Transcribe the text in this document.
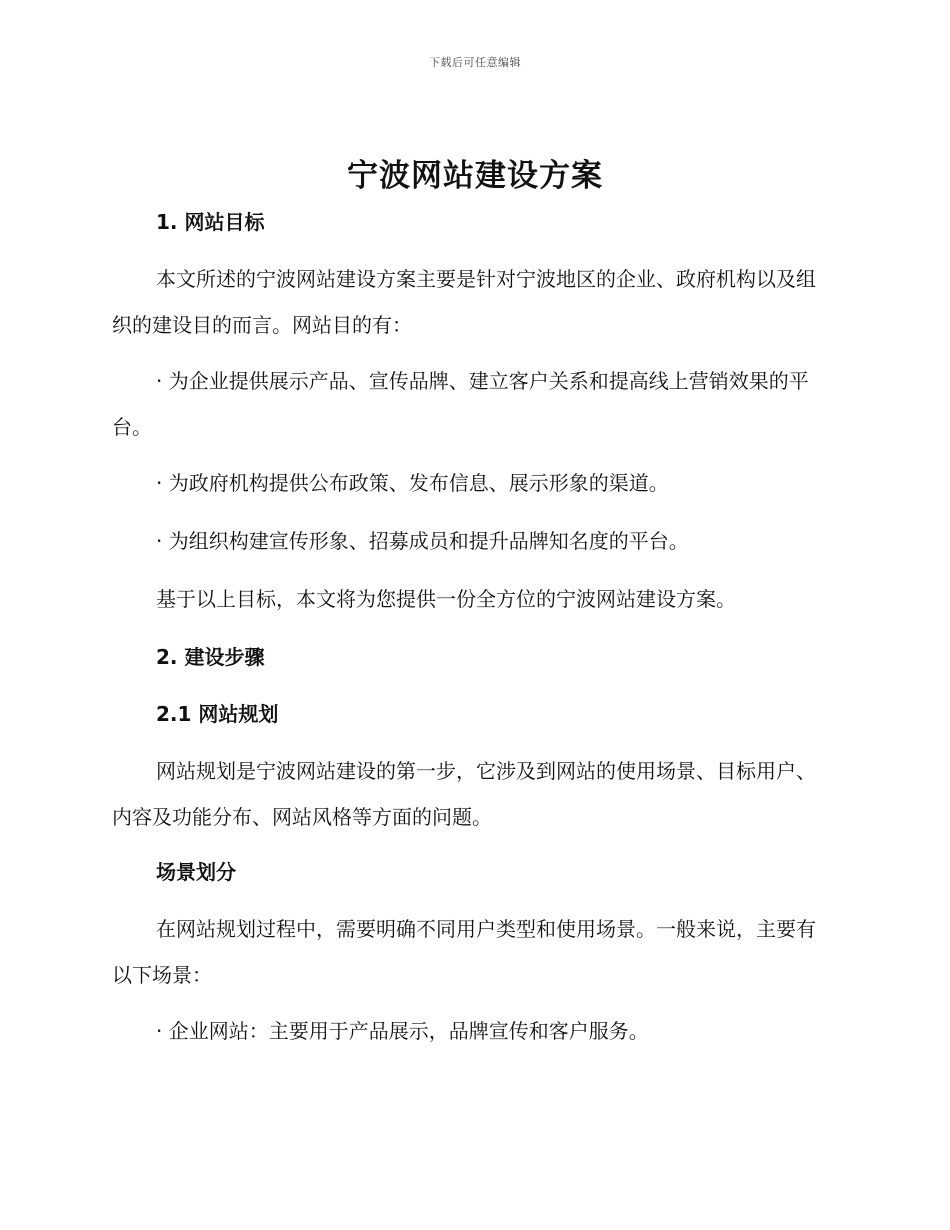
下载后可任意编辑
宁波网站建设方案
1. 网站目标
本文所述的宁波网站建设方案主要是针对宁波地区的企业、政府机构以及组织的建设目的而言。网站目的有：
· 为企业提供展示产品、宣传品牌、建立客户关系和提高线上营销效果的平台。
· 为政府机构提供公布政策、发布信息、展示形象的渠道。
· 为组织构建宣传形象、招募成员和提升品牌知名度的平台。
基于以上目标，本文将为您提供一份全方位的宁波网站建设方案。
2. 建设步骤
2.1 网站规划
网站规划是宁波网站建设的第一步，它涉及到网站的使用场景、目标用户、内容及功能分布、网站风格等方面的问题。
场景划分
在网站规划过程中，需要明确不同用户类型和使用场景。一般来说，主要有以下场景：
· 企业网站：主要用于产品展示，品牌宣传和客户服务。
